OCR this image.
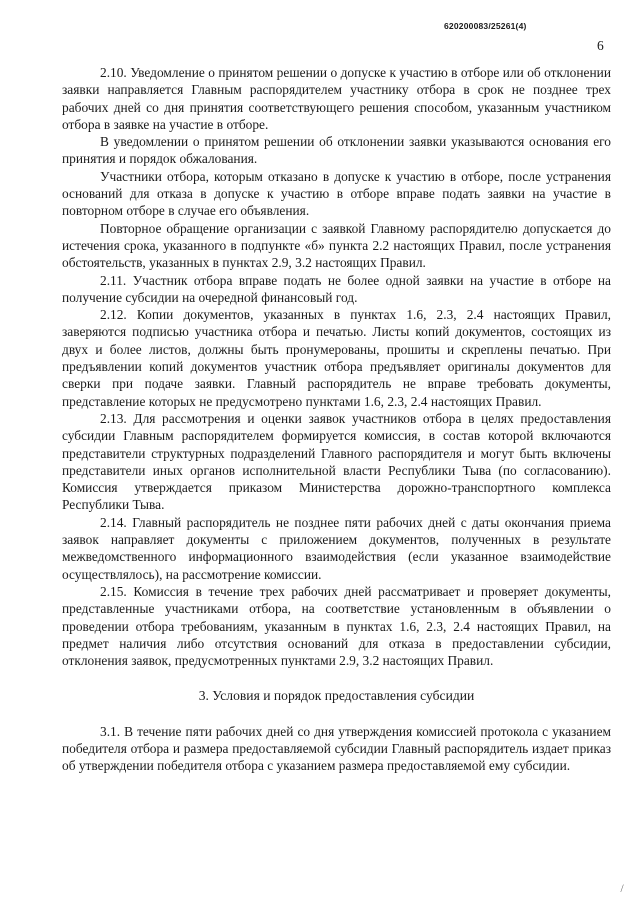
620200083/25261(4)
6

2.10. Уведомление о принятом решении о допуске к участию в отборе или об отклонении заявки направляется Главным распорядителем участнику отбора в срок не позднее трех рабочих дней со дня принятия соответствующего решения способом, указанным участником отбора в заявке на участие в отборе.

В уведомлении о принятом решении об отклонении заявки указываются основания его принятия и порядок обжалования.

Участники отбора, которым отказано в допуске к участию в отборе, после устранения оснований для отказа в допуске к участию в отборе вправе подать заявки на участие в повторном отборе в случае его объявления.

Повторное обращение организации с заявкой Главному распорядителю допускается до истечения срока, указанного в подпункте «б» пункта 2.2 настоящих Правил, после устранения обстоятельств, указанных в пунктах 2.9, 3.2 настоящих Правил.

2.11. Участник отбора вправе подать не более одной заявки на участие в отборе на получение субсидии на очередной финансовый год.

2.12. Копии документов, указанных в пунктах 1.6, 2.3, 2.4 настоящих Правил, заверяются подписью участника отбора и печатью. Листы копий документов, состоящих из двух и более листов, должны быть пронумерованы, прошиты и скреплены печатью. При предъявлении копий документов участник отбора предъявляет оригиналы документов для сверки при подаче заявки. Главный распорядитель не вправе требовать документы, представление которых не предусмотрено пунктами 1.6, 2.3, 2.4 настоящих Правил.

2.13. Для рассмотрения и оценки заявок участников отбора в целях предоставления субсидии Главным распорядителем формируется комиссия, в состав которой включаются представители структурных подразделений Главного распорядителя и могут быть включены представители иных органов исполнительной власти Республики Тыва (по согласованию). Комиссия утверждается приказом Министерства дорожно-транспортного комплекса Республики Тыва.

2.14. Главный распорядитель не позднее пяти рабочих дней с даты окончания приема заявок направляет документы с приложением документов, полученных в результате межведомственного информационного взаимодействия (если указанное взаимодействие осуществлялось), на рассмотрение комиссии.

2.15. Комиссия в течение трех рабочих дней рассматривает и проверяет документы, представленные участниками отбора, на соответствие установленным в объявлении о проведении отбора требованиям, указанным в пунктах 1.6, 2.3, 2.4 настоящих Правил, на предмет наличия либо отсутствия оснований для отказа в предоставлении субсидии, отклонения заявок, предусмотренных пунктами 2.9, 3.2 настоящих Правил.

3. Условия и порядок предоставления субсидии

3.1. В течение пяти рабочих дней со дня утверждения комиссией протокола с указанием победителя отбора и размера предоставляемой субсидии Главный распорядитель издает приказ об утверждении победителя отбора с указанием размера предоставляемой ему субсидии.
